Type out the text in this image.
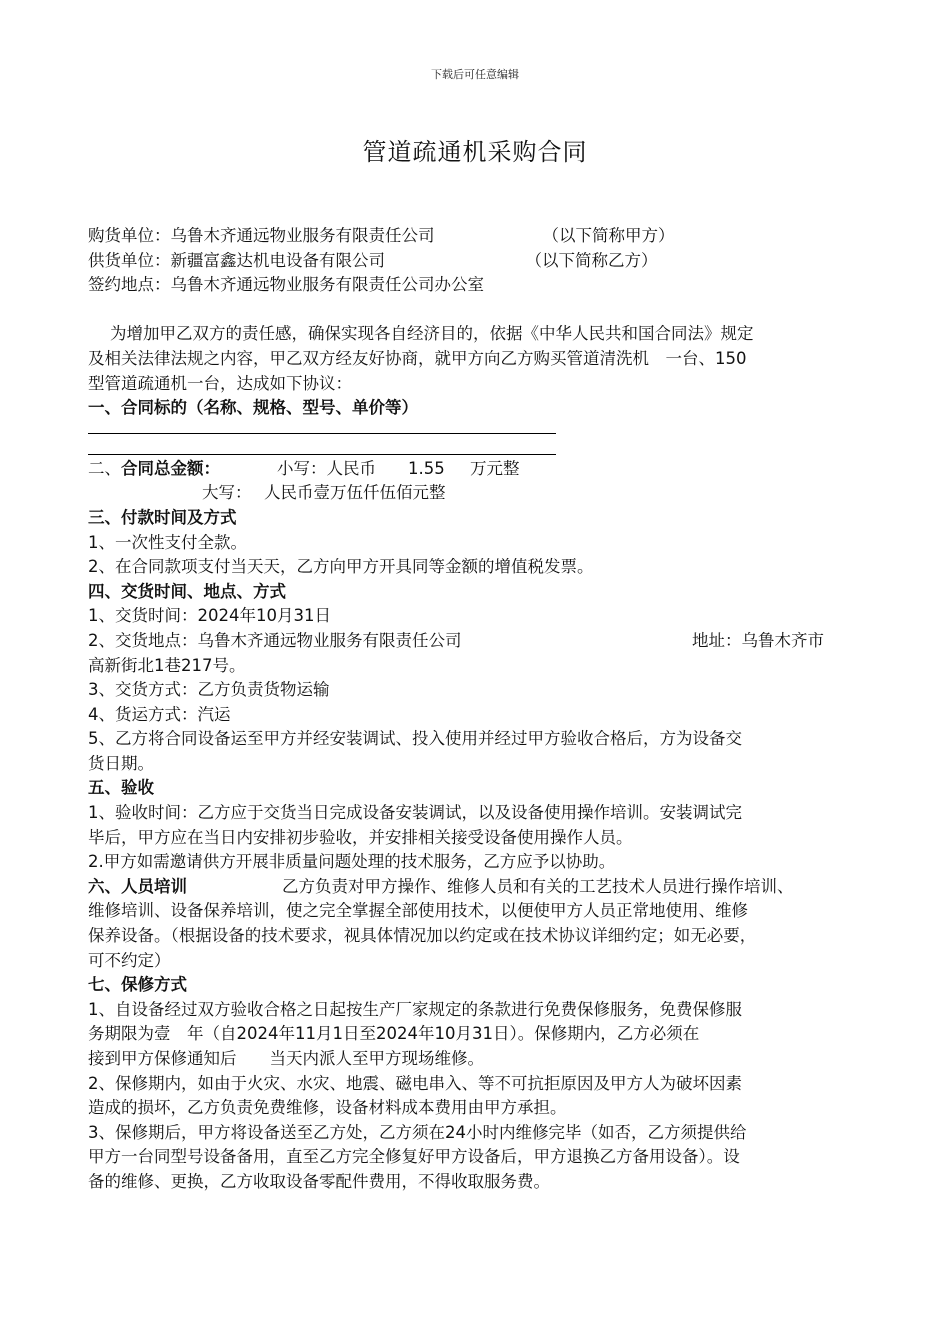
下载后可任意编辑
管道疏通机采购合同

购货单位：乌鲁木齐通远物业服务有限责任公司	（以下简称甲方）

供货单位：新疆富鑫达机电设备有限公司	（以下简称乙方）

签约地点：乌鲁木齐通远物业服务有限责任公司办公室

为增加甲乙双方的责任感，确保实现各自经济目的，依据《中华人民共和国合同法》规定

及相关法律法规之内容，甲乙双方经友好协商，就甲方向乙方购买管道清洗机　一台、150

型管道疏通机一台，达成如下协议：

一、合同标的（名称、规格、型号、单价等）

二、合同总金额：	小写：人民币 1.55 万元整

大写： 人民币壹万伍仟伍佰元整

三、付款时间及方式

1、一次性支付全款。

2、在合同款项支付当天天，乙方向甲方开具同等金额的增值税发票。

四、交货时间、地点、方式

1、交货时间：2024年10月31日

2、交货地点：乌鲁木齐通远物业服务有限责任公司	地址：乌鲁木齐市

高新街北1巷217号。

3、交货方式：乙方负责货物运输

4、货运方式：汽运

5、乙方将合同设备运至甲方并经安装调试、投入使用并经过甲方验收合格后，方为设备交

货日期。

五、验收

1、验收时间：乙方应于交货当日完成设备安装调试，以及设备使用操作培训。安装调试完

毕后，甲方应在当日内安排初步验收，并安排相关接受设备使用操作人员。

2.甲方如需邀请供方开展非质量问题处理的技术服务，乙方应予以协助。

六、人员培训	乙方负责对甲方操作、维修人员和有关的工艺技术人员进行操作培训、

维修培训、设备保养培训，使之完全掌握全部使用技术，以便使甲方人员正常地使用、维修

保养设备。（根据设备的技术要求，视具体情况加以约定或在技术协议详细约定；如无必要，

可不约定）

七、保修方式

1、自设备经过双方验收合格之日起按生产厂家规定的条款进行免费保修服务，免费保修服

务期限为壹　年（自2024年11月1日至2024年10月31日）。保修期内，乙方必须在

接到甲方保修通知后　　当天内派人至甲方现场维修。

2、保修期内，如由于火灾、水灾、地震、磁电串入、等不可抗拒原因及甲方人为破坏因素

造成的损坏，乙方负责免费维修，设备材料成本费用由甲方承担。

3、保修期后，甲方将设备送至乙方处，乙方须在24小时内维修完毕（如否，乙方须提供给

甲方一台同型号设备备用，直至乙方完全修复好甲方设备后，甲方退换乙方备用设备）。设

备的维修、更换，乙方收取设备零配件费用，不得收取服务费。
